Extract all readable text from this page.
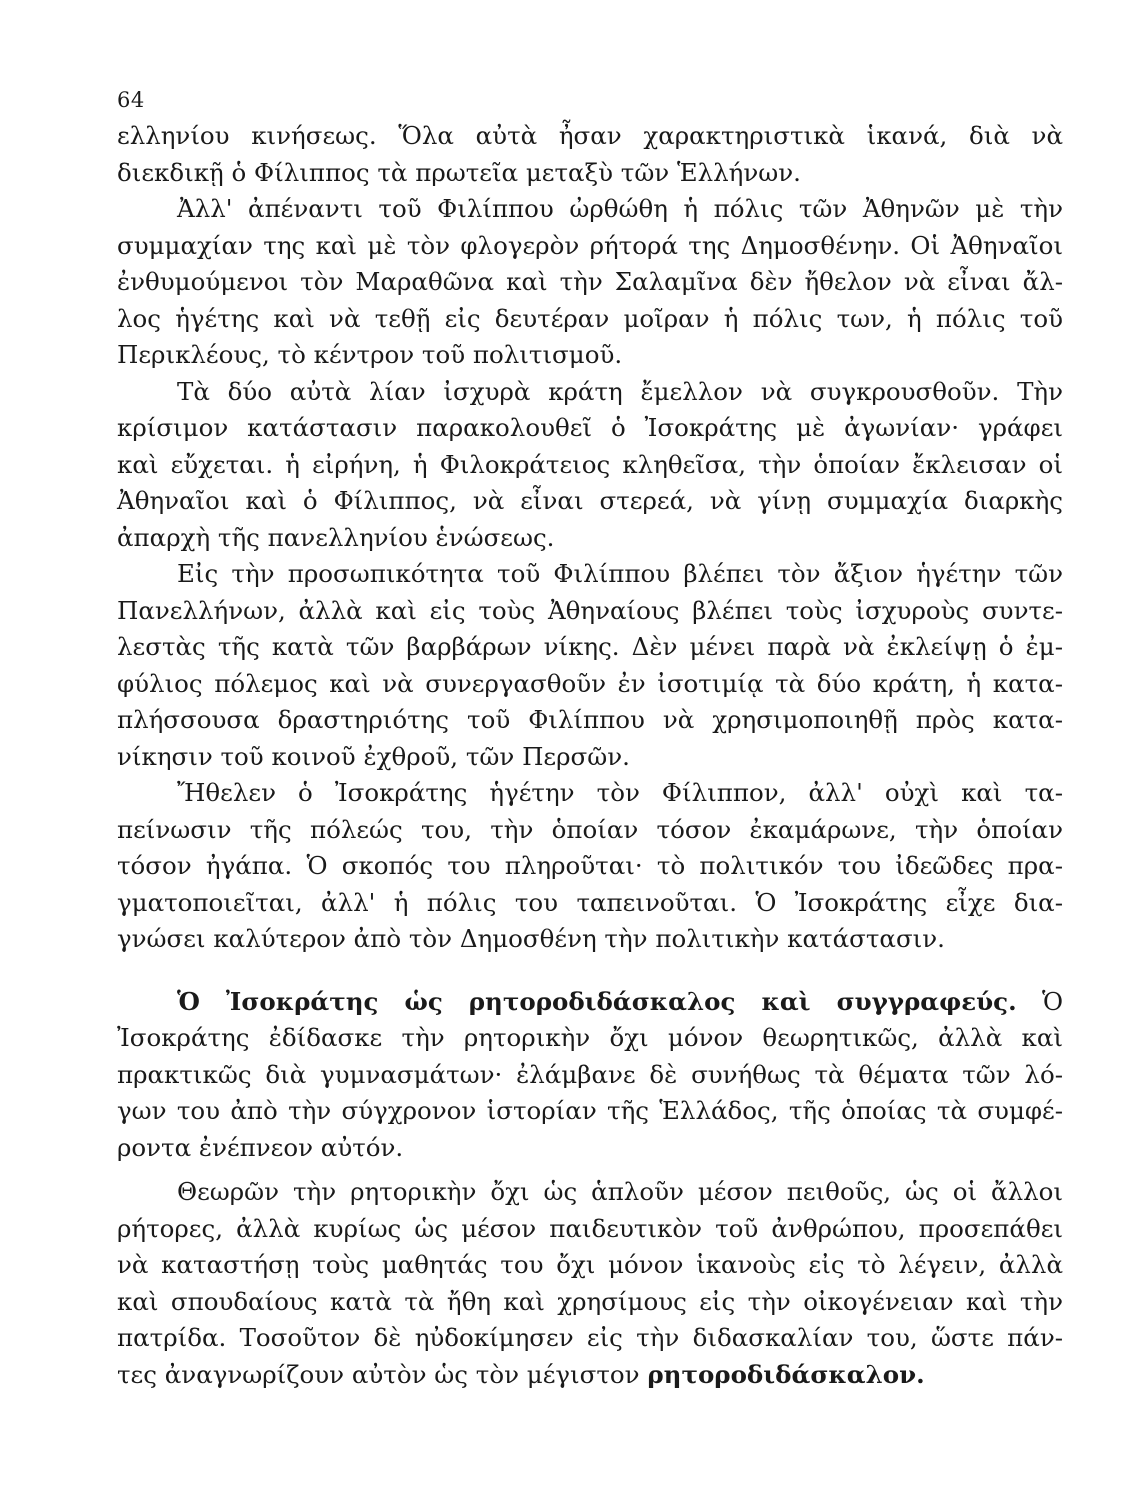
64
ελληνίου κινήσεως. Ὅλα αὐτὰ ἦσαν χαρακτηριστικὰ ἱκανά, διὰ νὰ
διεκδικῇ ὁ Φίλιππος τὰ πρωτεῖα μεταξὺ τῶν Ἑλλήνων.
Ἀλλ' ἀπέναντι τοῦ Φιλίππου ὠρθώθη ἡ πόλις τῶν Ἀθηνῶν μὲ τὴν
συμμαχίαν της καὶ μὲ τὸν φλογερὸν ρήτορά της Δημοσθένην. Οἱ Ἀθηναῖοι
ἐνθυμούμενοι τὸν Μαραθῶνα καὶ τὴν Σαλαμῖνα δὲν ἤθελον νὰ εἶναι ἄλ-
λος ἡγέτης καὶ νὰ τεθῇ εἰς δευτέραν μοῖραν ἡ πόλις των, ἡ πόλις τοῦ
Περικλέους, τὸ κέντρον τοῦ πολιτισμοῦ.
Τὰ δύο αὐτὰ λίαν ἰσχυρὰ κράτη ἔμελλον νὰ συγκρουσθοῦν. Τὴν
κρίσιμον κατάστασιν παρακολουθεῖ ὁ Ἰσοκράτης μὲ ἀγωνίαν· γράφει
καὶ εὔχεται. ἡ εἰρήνη, ἡ Φιλοκράτειος κληθεῖσα, τὴν ὁποίαν ἔκλεισαν οἱ
Ἀθηναῖοι καὶ ὁ Φίλιππος, νὰ εἶναι στερεά, νὰ γίνῃ συμμαχία διαρκὴς
ἀπαρχὴ τῆς πανελληνίου ἑνώσεως.
Εἰς τὴν προσωπικότητα τοῦ Φιλίππου βλέπει τὸν ἄξιον ἡγέτην τῶν
Πανελλήνων, ἀλλὰ καὶ εἰς τοὺς Ἀθηναίους βλέπει τοὺς ἰσχυροὺς συντε-
λεστὰς τῆς κατὰ τῶν βαρβάρων νίκης. Δὲν μένει παρὰ νὰ ἐκλείψῃ ὁ ἐμ-
φύλιος πόλεμος καὶ νὰ συνεργασθοῦν ἐν ἰσοτιμίᾳ τὰ δύο κράτη, ἡ κατα-
πλήσσουσα δραστηριότης τοῦ Φιλίππου νὰ χρησιμοποιηθῇ πρὸς κατα-
νίκησιν τοῦ κοινοῦ ἐχθροῦ, τῶν Περσῶν.
Ἤθελεν ὁ Ἰσοκράτης ἡγέτην τὸν Φίλιππον, ἀλλ' οὐχὶ καὶ τα-
πείνωσιν τῆς πόλεώς του, τὴν ὁποίαν τόσον ἐκαμάρωνε, τὴν ὁποίαν
τόσον ἠγάπα. Ὁ σκοπός του πληροῦται· τὸ πολιτικόν του ἰδεῶδες πρα-
γματοποιεῖται, ἀλλ' ἡ πόλις του ταπεινοῦται. Ὁ Ἰσοκράτης εἶχε δια-
γνώσει καλύτερον ἀπὸ τὸν Δημοσθένη τὴν πολιτικὴν κατάστασιν.
Ὁ Ἰσοκράτης ὡς ρητοροδιδάσκαλος καὶ συγγραφεύς. Ὁ
Ἰσοκράτης ἐδίδασκε τὴν ρητορικὴν ὄχι μόνον θεωρητικῶς, ἀλλὰ καὶ
πρακτικῶς διὰ γυμνασμάτων· ἐλάμβανε δὲ συνήθως τὰ θέματα τῶν λό-
γων του ἀπὸ τὴν σύγχρονον ἱστορίαν τῆς Ἑλλάδος, τῆς ὁποίας τὰ συμφέ-
ροντα ἐνέπνεον αὐτόν.
Θεωρῶν τὴν ρητορικὴν ὄχι ὡς ἁπλοῦν μέσον πειθοῦς, ὡς οἱ ἄλλοι
ρήτορες, ἀλλὰ κυρίως ὡς μέσον παιδευτικὸν τοῦ ἀνθρώπου, προσεπάθει
νὰ καταστήσῃ τοὺς μαθητάς του ὄχι μόνον ἱκανοὺς εἰς τὸ λέγειν, ἀλλὰ
καὶ σπουδαίους κατὰ τὰ ἤθη καὶ χρησίμους εἰς τὴν οἰκογένειαν καὶ τὴν
πατρίδα. Τοσοῦτον δὲ ηὐδοκίμησεν εἰς τὴν διδασκαλίαν του, ὥστε πάν-
τες ἀναγνωρίζουν αὐτὸν ὡς τὸν μέγιστον ρητοροδιδάσκαλον.
